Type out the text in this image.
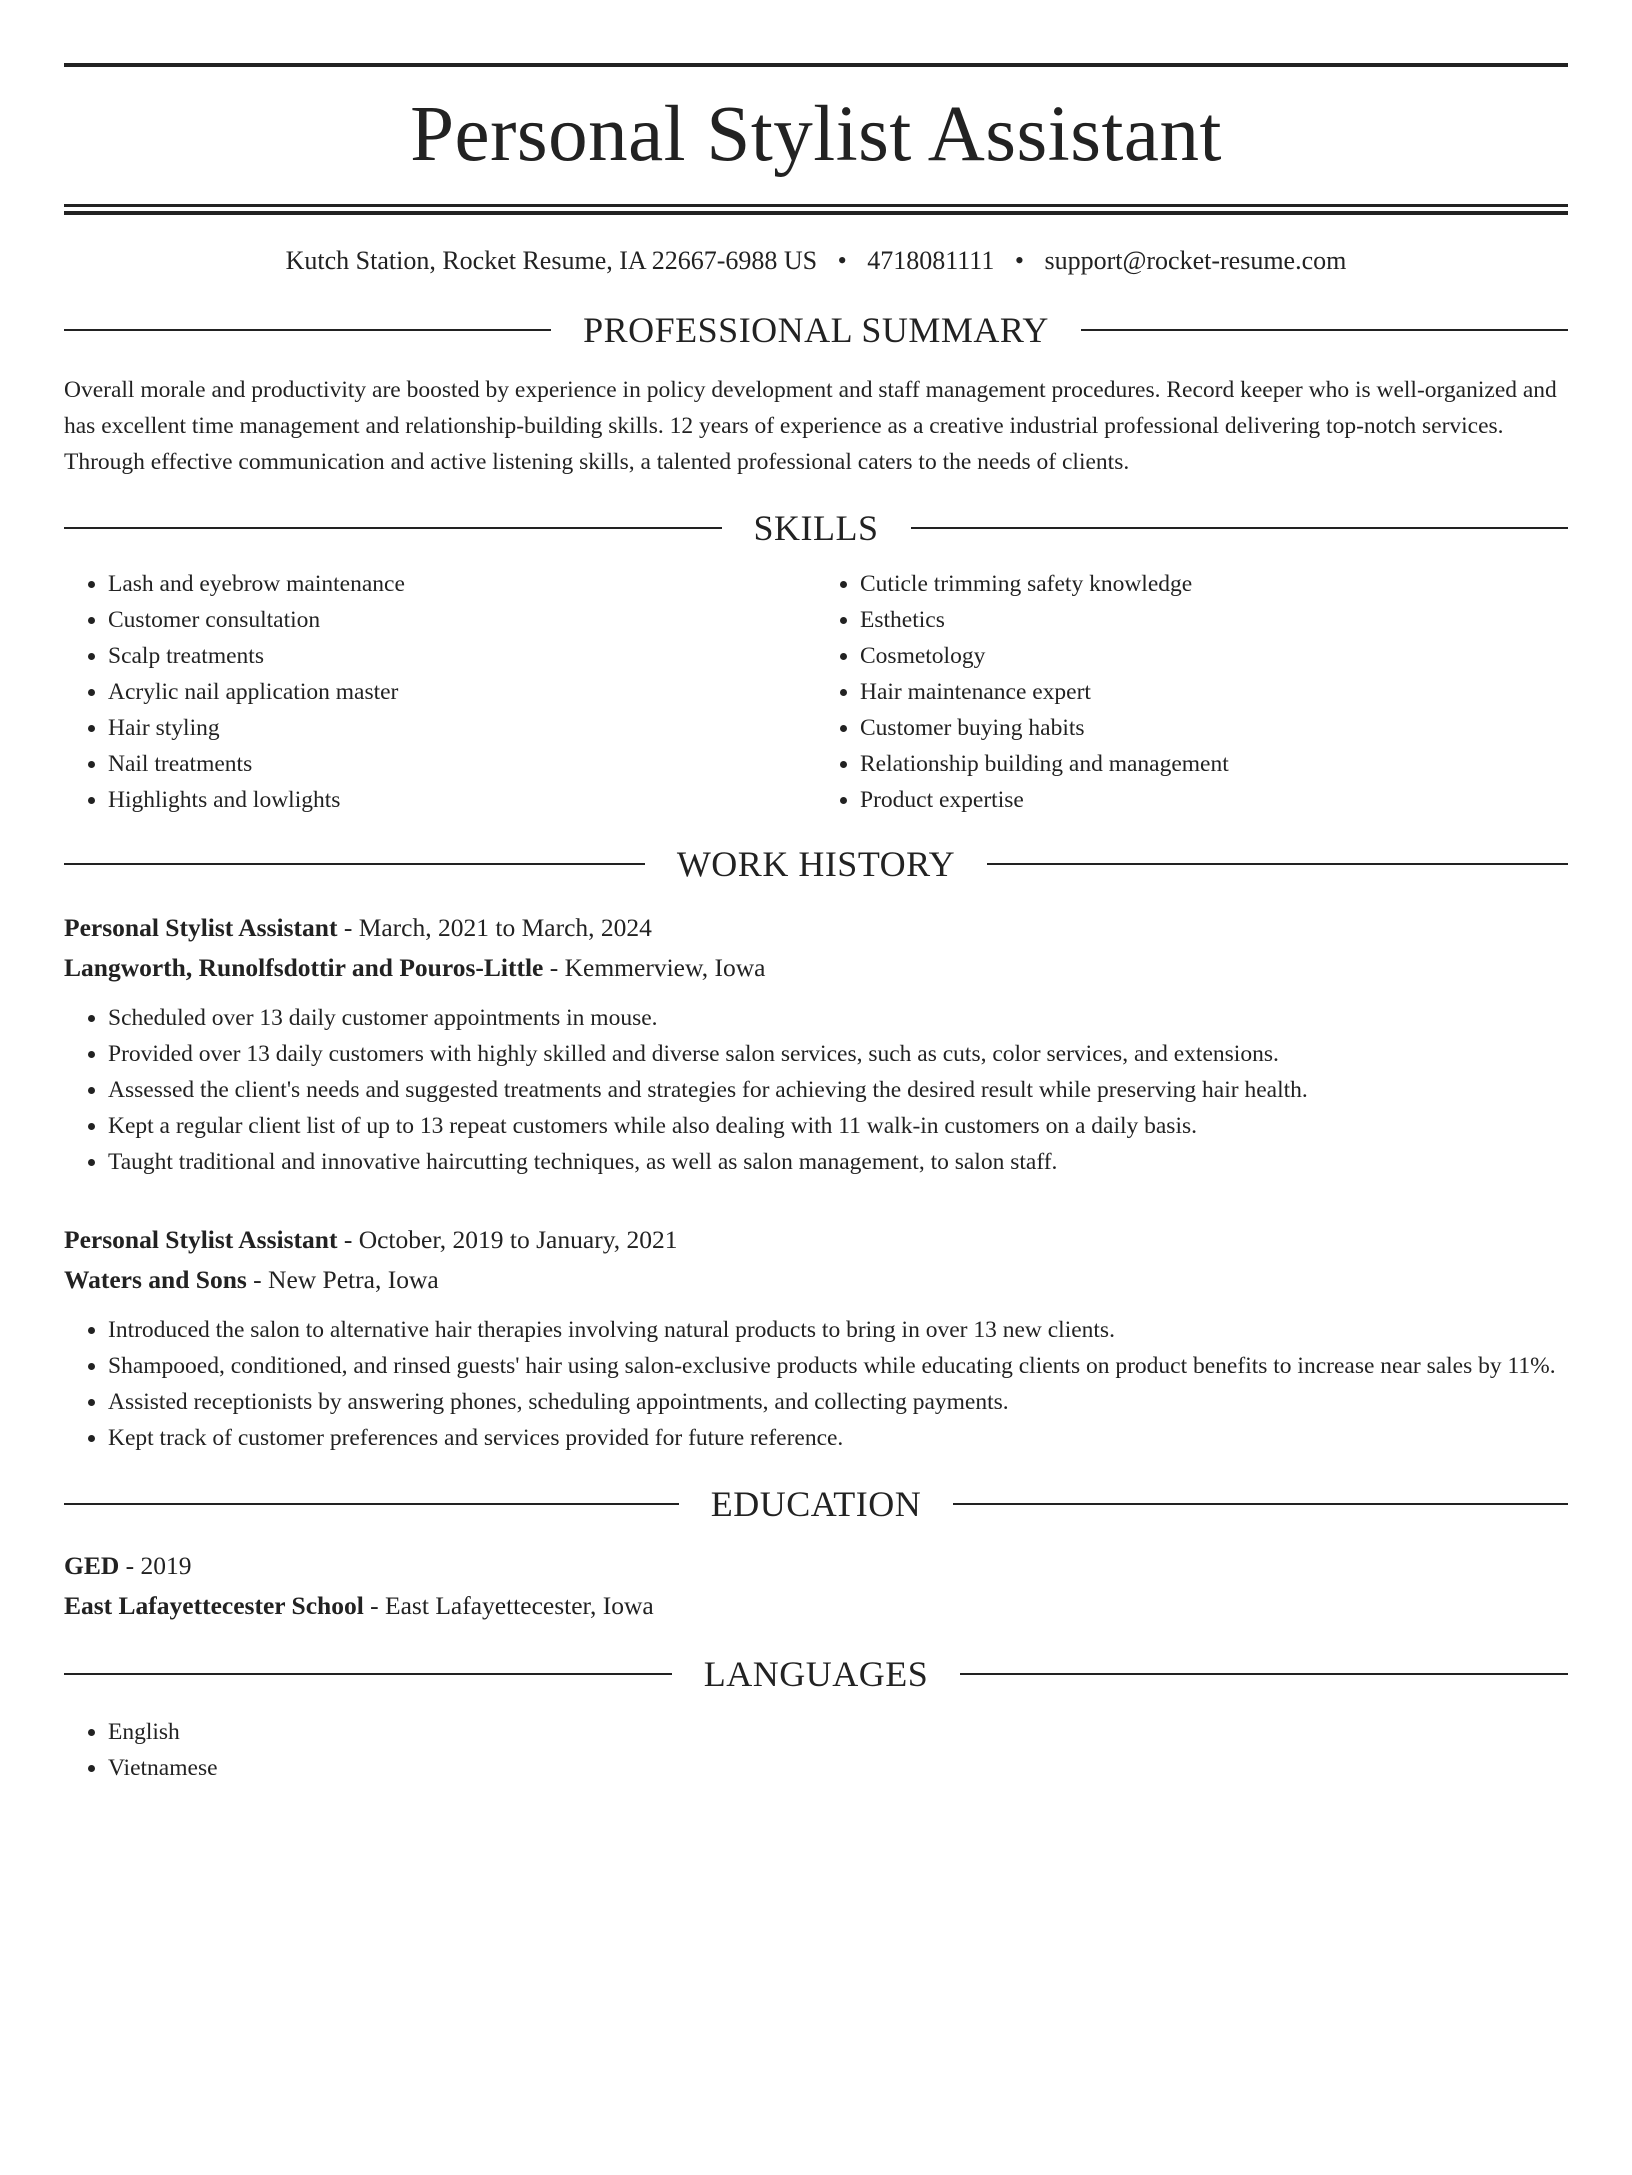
Personal Stylist Assistant
Kutch Station, Rocket Resume, IA 22667-6988 US • 4718081111 • support@rocket-resume.com
PROFESSIONAL SUMMARY

Overall morale and productivity are boosted by experience in policy development and staff management procedures. Record keeper who is well-organized and has excellent time management and relationship-building skills. 12 years of experience as a creative industrial professional delivering top-notch services. Through effective communication and active listening skills, a talented professional caters to the needs of clients.

SKILLS
• Lash and eyebrow maintenance
• Customer consultation
• Scalp treatments
• Acrylic nail application master
• Hair styling
• Nail treatments
• Highlights and lowlights
• Cuticle trimming safety knowledge
• Esthetics
• Cosmetology
• Hair maintenance expert
• Customer buying habits
• Relationship building and management
• Product expertise
WORK HISTORY
Personal Stylist Assistant - March, 2021 to March, 2024
Langworth, Runolfsdottir and Pouros-Little - Kemmerview, Iowa
• Scheduled over 13 daily customer appointments in mouse.
• Provided over 13 daily customers with highly skilled and diverse salon services, such as cuts, color services, and extensions.
• Assessed the client's needs and suggested treatments and strategies for achieving the desired result while preserving hair health.
• Kept a regular client list of up to 13 repeat customers while also dealing with 11 walk-in customers on a daily basis.
• Taught traditional and innovative haircutting techniques, as well as salon management, to salon staff.
Personal Stylist Assistant - October, 2019 to January, 2021
Waters and Sons - New Petra, Iowa
• Introduced the salon to alternative hair therapies involving natural products to bring in over 13 new clients.
• Shampooed, conditioned, and rinsed guests' hair using salon-exclusive products while educating clients on product benefits to increase near sales by 11%.
• Assisted receptionists by answering phones, scheduling appointments, and collecting payments.
• Kept track of customer preferences and services provided for future reference.
EDUCATION
GED - 2019
East Lafayettecester School - East Lafayettecester, Iowa
LANGUAGES
• English
• Vietnamese
